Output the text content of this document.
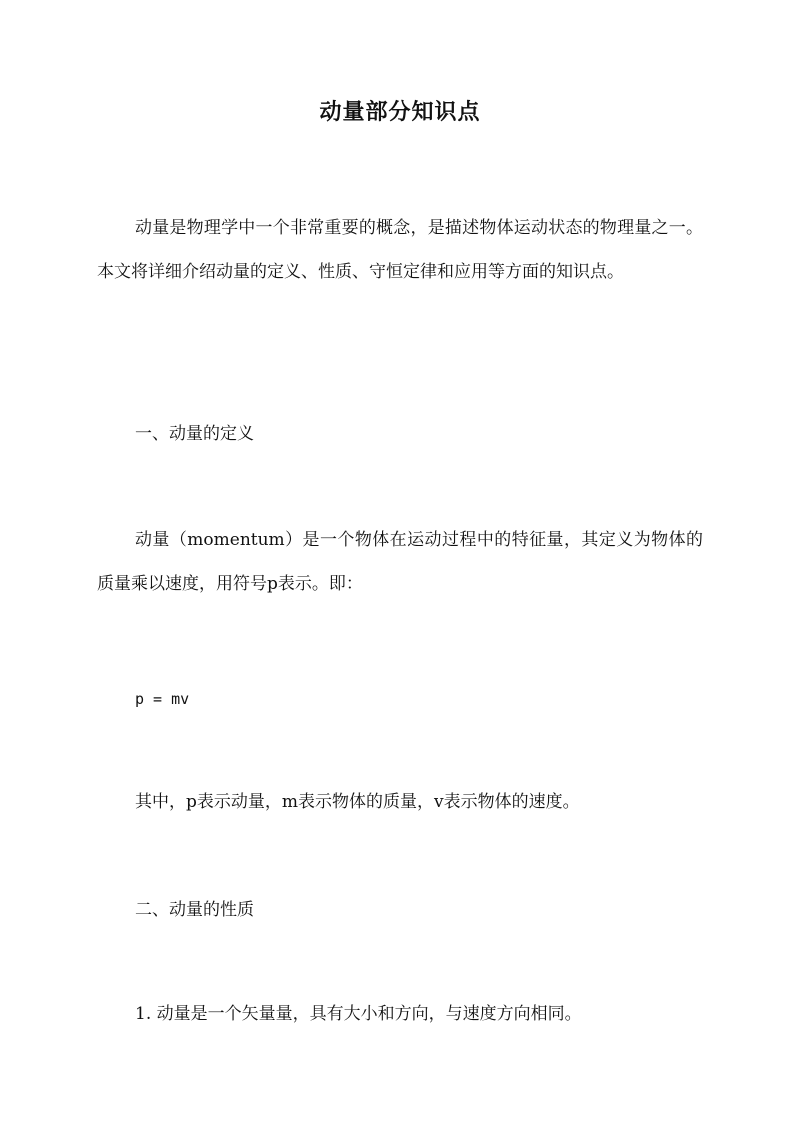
动量部分知识点

动量是物理学中一个非常重要的概念，是描述物体运动状态的物理量之一。本文将详细介绍动量的定义、性质、守恒定律和应用等方面的知识点。

一、动量的定义

动量（momentum）是一个物体在运动过程中的特征量，其定义为物体的质量乘以速度，用符号p表示。即：

p = mv

其中，p表示动量，m表示物体的质量，v表示物体的速度。

二、动量的性质

1. 动量是一个矢量量，具有大小和方向，与速度方向相同。
